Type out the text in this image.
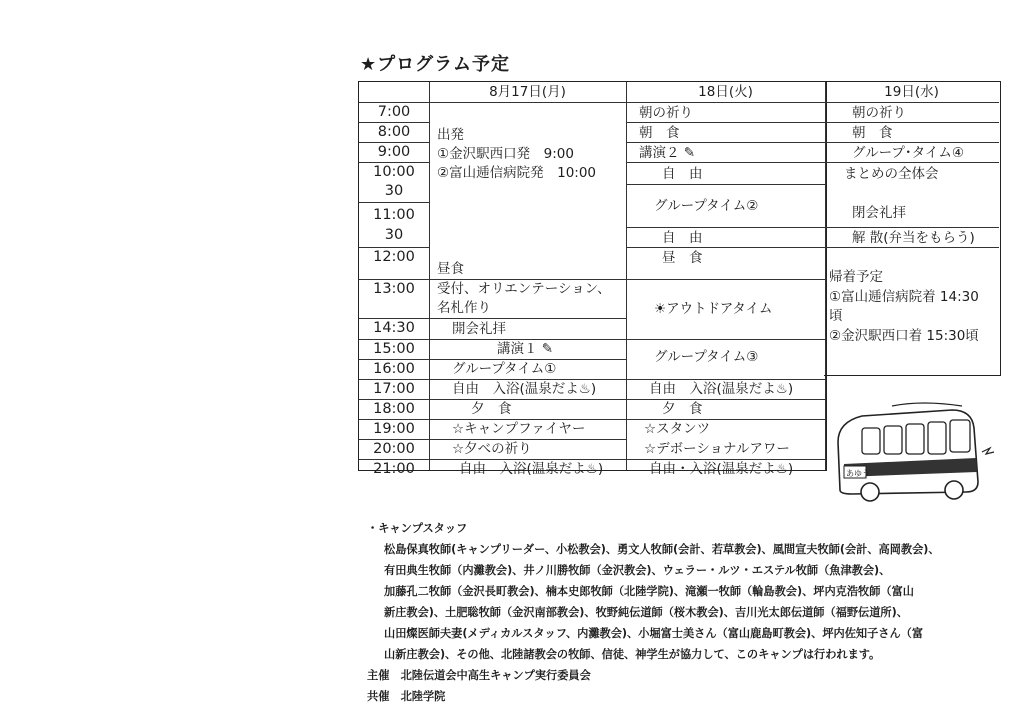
★プログラム予定
8月17日(月)	18日(火)
7:00
8:00
9:00
10:00
30
11:00
30
12:00
13:00
14:30
15:00
16:00
17:00
18:00
19:00
20:00
21:00
出発
①金沢駅西口発　9:00
②富山逓信病院発　10:00
昼食
受付、オリエンテーション、
名札作り
開会礼拝
講演１ ✎
グループタイム①
自由　入浴(温泉だよ♨)
夕　食
☆キャンプファイヤー
☆夕べの祈り
自由　入浴(温泉だよ♨)
朝の祈り
朝　食
講演２ ✎
自　由
グループタイム②
自　由
昼　食
☀アウトドアタイム
グループタイム③
自由　入浴(温泉だよ♨)
夕　食
☆スタンツ
☆デボーショナルアワー
自由・入浴(温泉だよ♨)
19日(水)
朝の祈り
朝　食
グループ･タイム④
まとめの全体会
閉会礼拝
解 散(弁当をもらう)
帰着予定
①富山逓信病院着 14:30
頃
②金沢駅西口着 15:30頃
あゆう

・キャンプスタッフ

松島保真牧師(キャンプリーダー、小松教会)、勇文人牧師(会計、若草教会)、風間宣夫牧師(会計、高岡教会)、

有田典生牧師（内灘教会)、井ノ川勝牧師（金沢教会)、ウェラー・ルツ・エステル牧師（魚津教会)、

加藤孔二牧師（金沢長町教会)、楠本史郎牧師（北陸学院)、滝瀬一牧師（輪島教会)、坪内克浩牧師（富山

新庄教会)、土肥聡牧師（金沢南部教会)、牧野純伝道師（桜木教会)、吉川光太郎伝道師（福野伝道所)、

山田燦医師夫妻(メディカルスタッフ、内灘教会)、小堀富士美さん（富山鹿島町教会)、坪内佐知子さん（富

山新庄教会)、その他、北陸諸教会の牧師、信徒、神学生が協力して、このキャンプは行われます。

主催　 北陸伝道会中高生キャンプ実行委員会

共催　 北陸学院
